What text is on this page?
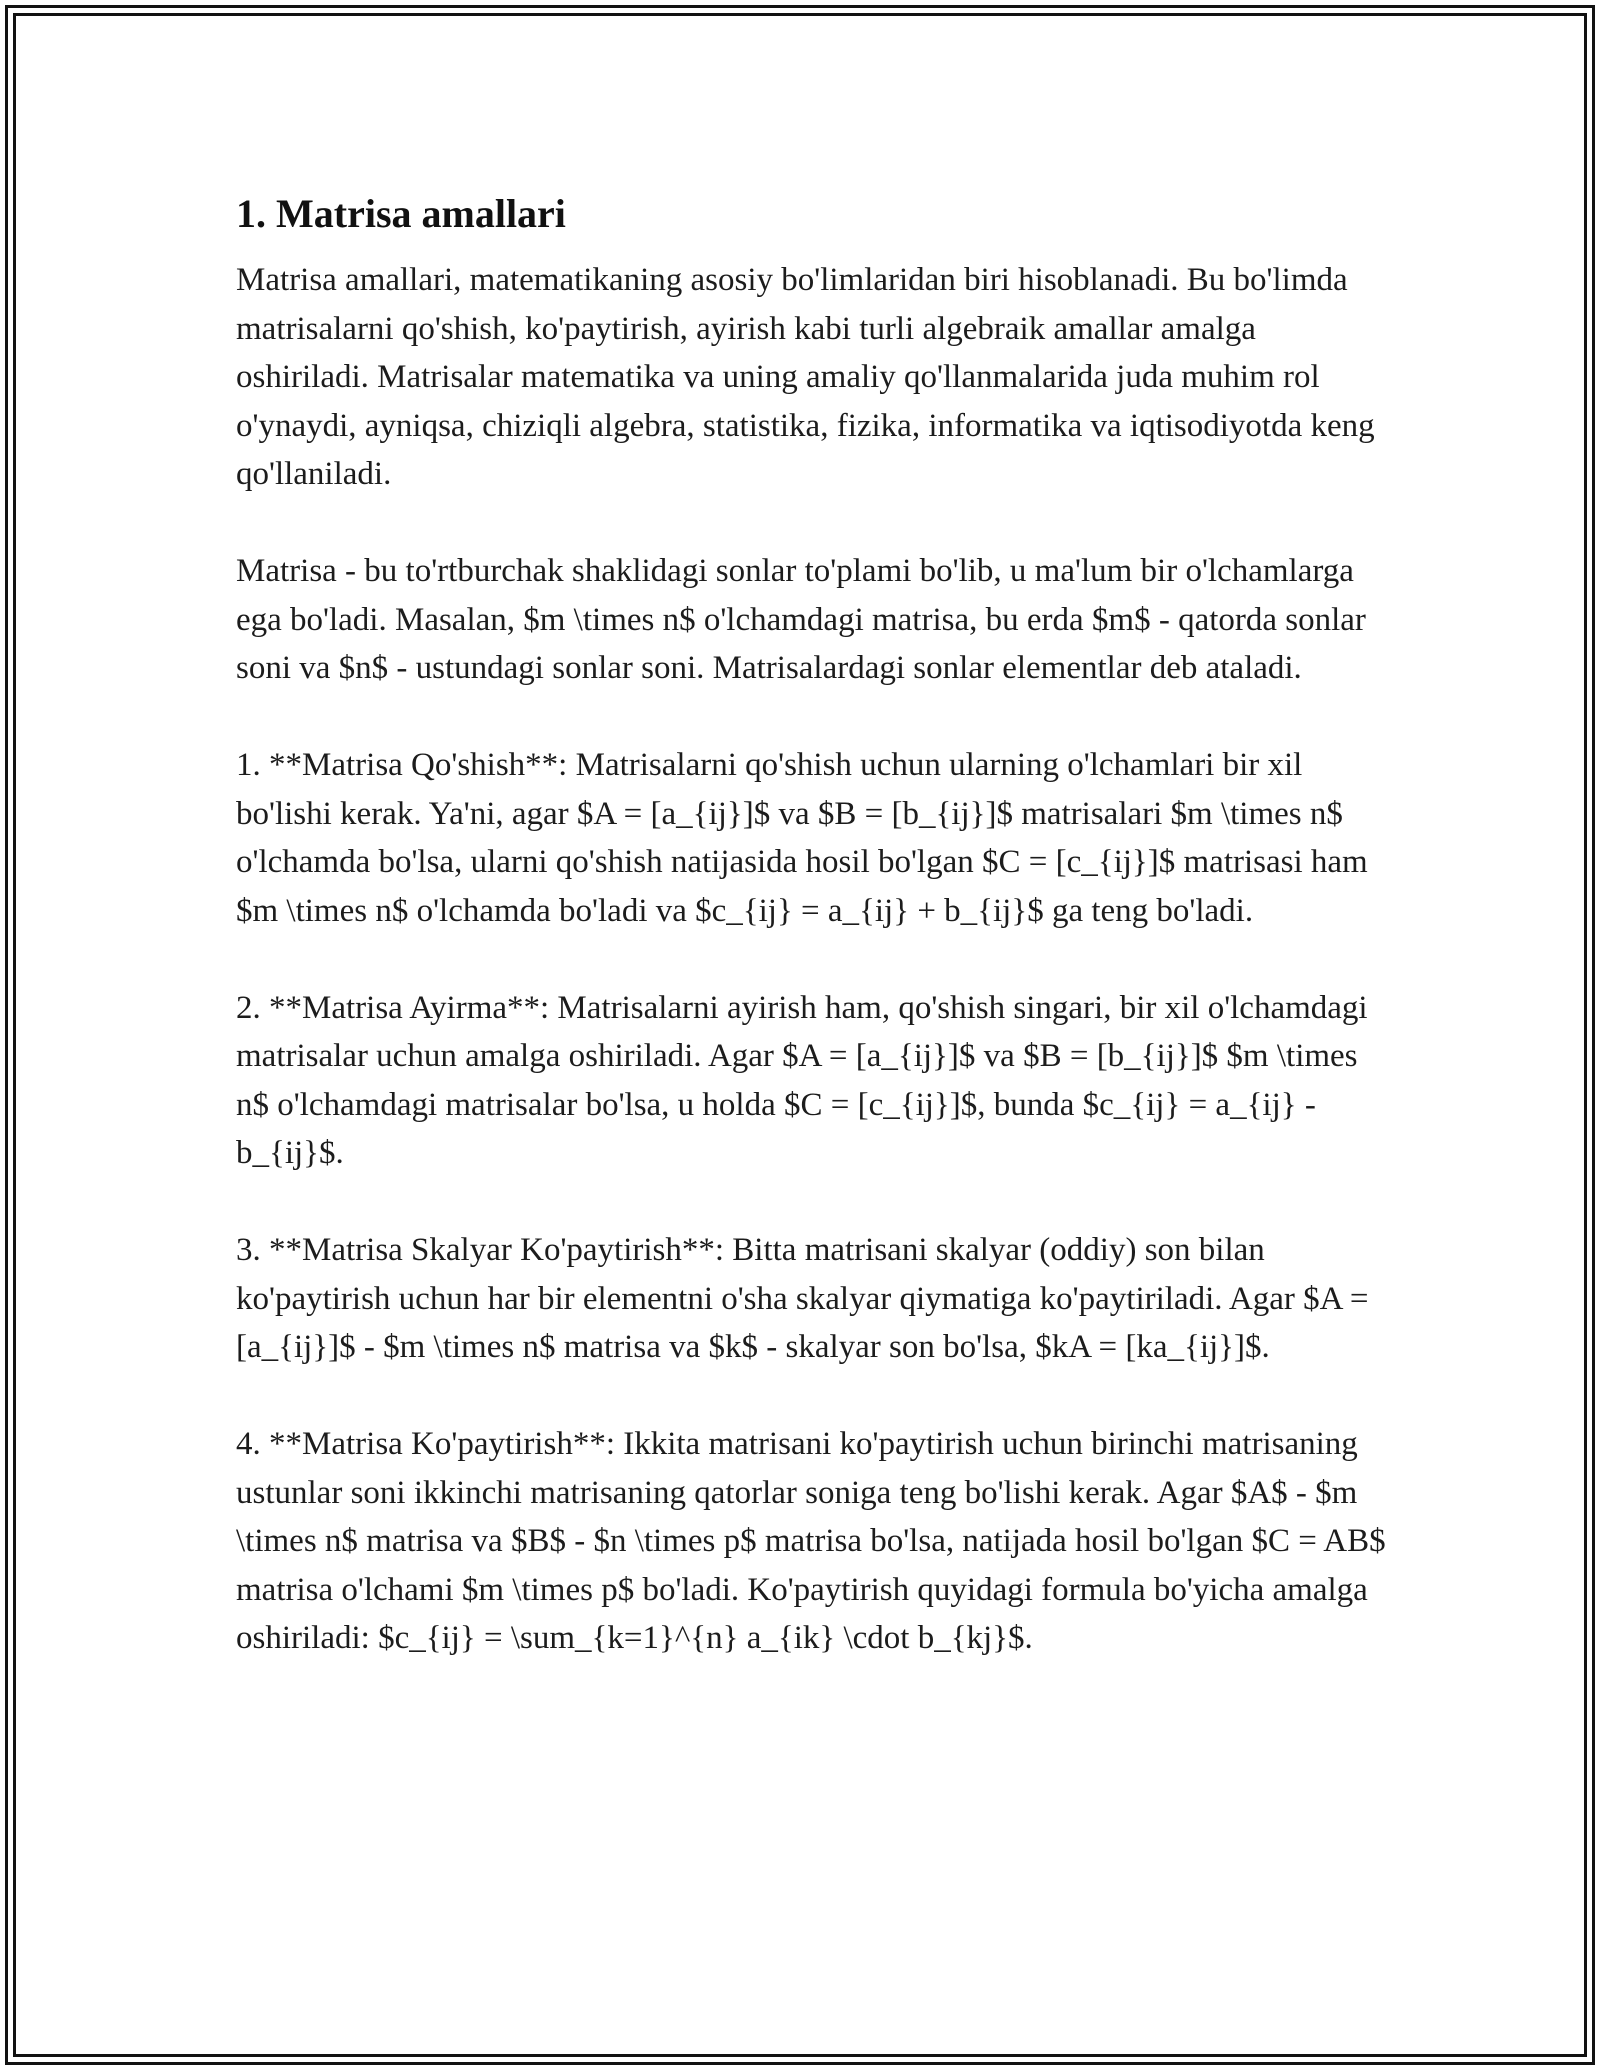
1. Matrisa amallari

Matrisa amallari, matematikaning asosiy bo'limlaridan biri hisoblanadi. Bu bo'limda matrisalarni qo'shish, ko'paytirish, ayirish kabi turli algebraik amallar amalga oshiriladi. Matrisalar matematika va uning amaliy qo'llanmalarida juda muhim rol o'ynaydi, ayniqsa, chiziqli algebra, statistika, fizika, informatika va iqtisodiyotda keng qo'llaniladi.

Matrisa - bu to'rtburchak shaklidagi sonlar to'plami bo'lib, u ma'lum bir o'lchamlarga ega bo'ladi. Masalan, $m \times n$ o'lchamdagi matrisa, bu erda $m$ - qatorda sonlar soni va $n$ - ustundagi sonlar soni. Matrisalardagi sonlar elementlar deb ataladi.

1. **Matrisa Qo'shish**: Matrisalarni qo'shish uchun ularning o'lchamlari bir xil bo'lishi kerak. Ya'ni, agar $A = [a_{ij}]$ va $B = [b_{ij}]$ matrisalari $m \times n$ o'lchamda bo'lsa, ularni qo'shish natijasida hosil bo'lgan $C = [c_{ij}]$ matrisasi ham $m \times n$ o'lchamda bo'ladi va $c_{ij} = a_{ij} + b_{ij}$ ga teng bo'ladi.

2. **Matrisa Ayirma**: Matrisalarni ayirish ham, qo'shish singari, bir xil o'lchamdagi matrisalar uchun amalga oshiriladi. Agar $A = [a_{ij}]$ va $B = [b_{ij}]$ $m \times n$ o'lchamdagi matrisalar bo'lsa, u holda $C = [c_{ij}]$, bunda $c_{ij} = a_{ij} - b_{ij}$.

3. **Matrisa Skalyar Ko'paytirish**: Bitta matrisani skalyar (oddiy) son bilan ko'paytirish uchun har bir elementni o'sha skalyar qiymatiga ko'paytiriladi. Agar $A = [a_{ij}]$ - $m \times n$ matrisa va $k$ - skalyar son bo'lsa, $kA = [ka_{ij}]$.

4. **Matrisa Ko'paytirish**: Ikkita matrisani ko'paytirish uchun birinchi matrisaning ustunlar soni ikkinchi matrisaning qatorlar soniga teng bo'lishi kerak. Agar $A$ - $m \times n$ matrisa va $B$ - $n \times p$ matrisa bo'lsa, natijada hosil bo'lgan $C = AB$ matrisa o'lchami $m \times p$ bo'ladi. Ko'paytirish quyidagi formula bo'yicha amalga oshiriladi: $c_{ij} = \sum_{k=1}^{n} a_{ik} \cdot b_{kj}$.
